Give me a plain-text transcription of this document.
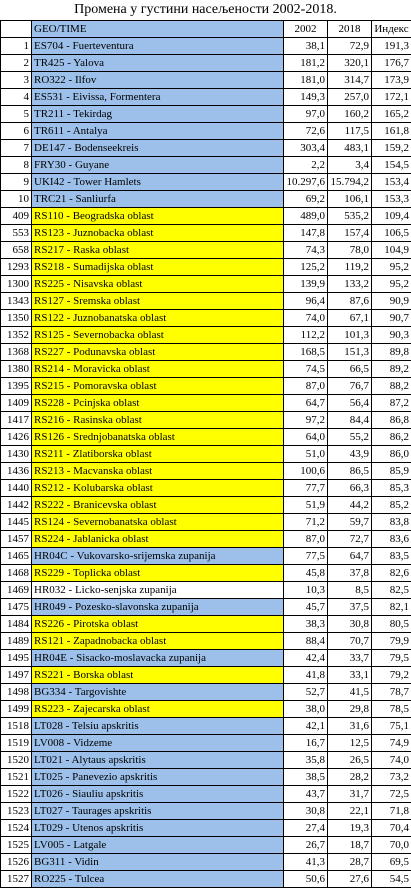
Промена у густини насељености 2002-2018.
	GEO/TIME	2002	2018	Индекс
1	ES704 - Fuerteventura	38,1	72,9	191,3
2	TR425 - Yalova	181,2	320,1	176,7
3	RO322 - Ilfov	181,0	314,7	173,9
4	ES531 - Eivissa, Formentera	149,3	257,0	172,1
5	TR211 - Tekirdag	97,0	160,2	165,2
6	TR611 - Antalya	72,6	117,5	161,8
7	DE147 - Bodenseekreis	303,4	483,1	159,2
8	FRY30 - Guyane	2,2	3,4	154,5
9	UKI42 - Tower Hamlets	10.297,6	15.794,2	153,4
10	TRC21 - Sanliurfa	69,2	106,1	153,3
409	RS110 - Beogradska oblast	489,0	535,2	109,4
553	RS123 - Juznobacka oblast	147,8	157,4	106,5
658	RS217 - Raska oblast	74,3	78,0	104,9
1293	RS218 - Sumadijska oblast	125,2	119,2	95,2
1300	RS225 - Nisavska oblast	139,9	133,2	95,2
1343	RS127 - Sremska oblast	96,4	87,6	90,9
1350	RS122 - Juznobanatska oblast	74,0	67,1	90,7
1352	RS125 - Severnobacka oblast	112,2	101,3	90,3
1368	RS227 - Podunavska oblast	168,5	151,3	89,8
1380	RS214 - Moravicka oblast	74,5	66,5	89,2
1395	RS215 - Pomoravska oblast	87,0	76,7	88,2
1409	RS228 - Pcinjska oblast	64,7	56,4	87,2
1417	RS216 - Rasinska oblast	97,2	84,4	86,8
1426	RS126 - Srednjobanatska oblast	64,0	55,2	86,2
1430	RS211 - Zlatiborska oblast	51,0	43,9	86,0
1436	RS213 - Macvanska oblast	100,6	86,5	85,9
1440	RS212 - Kolubarska oblast	77,7	66,3	85,3
1442	RS222 - Branicevska oblast	51,9	44,2	85,2
1445	RS124 - Severnobanatska oblast	71,2	59,7	83,8
1457	RS224 - Jablanicka oblast	87,0	72,7	83,6
1465	HR04C - Vukovarsko-srijemska zupanija	77,5	64,7	83,5
1468	RS229 - Toplicka oblast	45,8	37,8	82,6
1469	HR032 - Licko-senjska zupanija	10,3	8,5	82,5
1475	HR049 - Pozesko-slavonska zupanija	45,7	37,5	82,1
1484	RS226 - Pirotska oblast	38,3	30,8	80,5
1489	RS121 - Zapadnobacka oblast	88,4	70,7	79,9
1495	HR04E - Sisacko-moslavacka zupanija	42,4	33,7	79,5
1497	RS221 - Borska oblast	41,8	33,1	79,2
1498	BG334 - Targovishte	52,7	41,5	78,7
1499	RS223 - Zajecarska oblast	38,0	29,8	78,5
1518	LT028 - Telsiu apskritis	42,1	31,6	75,1
1519	LV008 - Vidzeme	16,7	12,5	74,9
1520	LT021 - Alytaus apskritis	35,8	26,5	74,0
1521	LT025 - Panevezio apskritis	38,5	28,2	73,2
1522	LT026 - Siauliu apskritis	43,7	31,7	72,5
1523	LT027 - Taurages apskritis	30,8	22,1	71,8
1524	LT029 - Utenos apskritis	27,4	19,3	70,4
1525	LV005 - Latgale	26,7	18,7	70,0
1526	BG311 - Vidin	41,3	28,7	69,5
1527	RO225 - Tulcea	50,6	27,6	54,5
